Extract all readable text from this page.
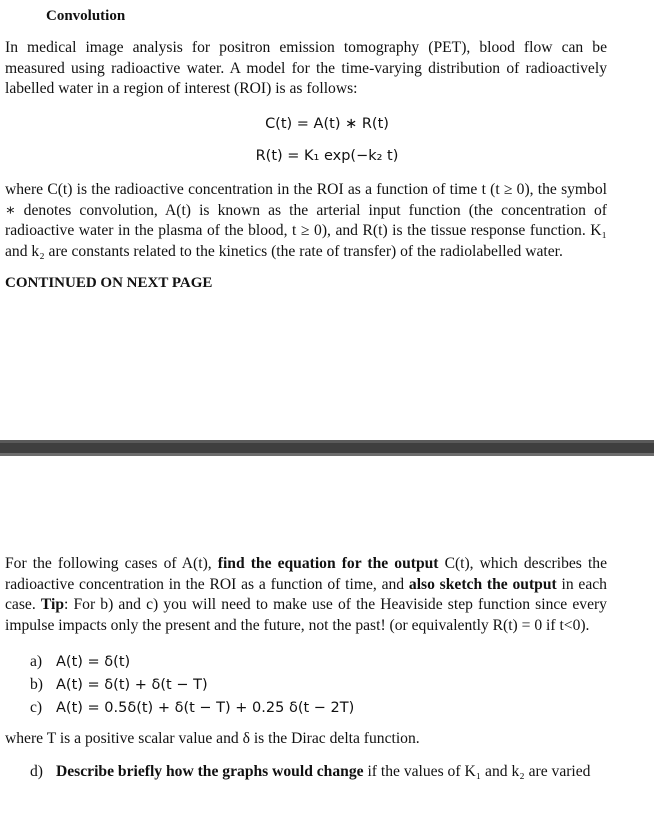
Convolution
In medical image analysis for positron emission tomography (PET), blood flow can be
measured using radioactive water. A model for the time-varying distribution of radioactively
labelled water in a region of interest (ROI) is as follows:
C(t) = A(t) ∗ R(t)
R(t) = K₁ exp(−k₂ t)
where C(t) is the radioactive concentration in the ROI as a function of time t (t ≥ 0), the symbol
∗ denotes convolution, A(t) is known as the arterial input function (the concentration of
radioactive water in the plasma of the blood, t ≥ 0), and R(t) is the tissue response function. K₁
and k₂ are constants related to the kinetics (the rate of transfer) of the radiolabelled water.
CONTINUED ON NEXT PAGE
For the following cases of A(t), find the equation for the output C(t), which describes the
radioactive concentration in the ROI as a function of time, and also sketch the output in each
case. Tip: For b) and c) you will need to make use of the Heaviside step function since every
impulse impacts only the present and the future, not the past! (or equivalently R(t) = 0 if t<0).
a) A(t) = δ(t)
b) A(t) = δ(t) + δ(t − T)
c) A(t) = 0.5δ(t) + δ(t − T) + 0.25 δ(t − 2T)
where T is a positive scalar value and δ is the Dirac delta function.
d) Describe briefly how the graphs would change if the values of K₁ and k₂ are varied
